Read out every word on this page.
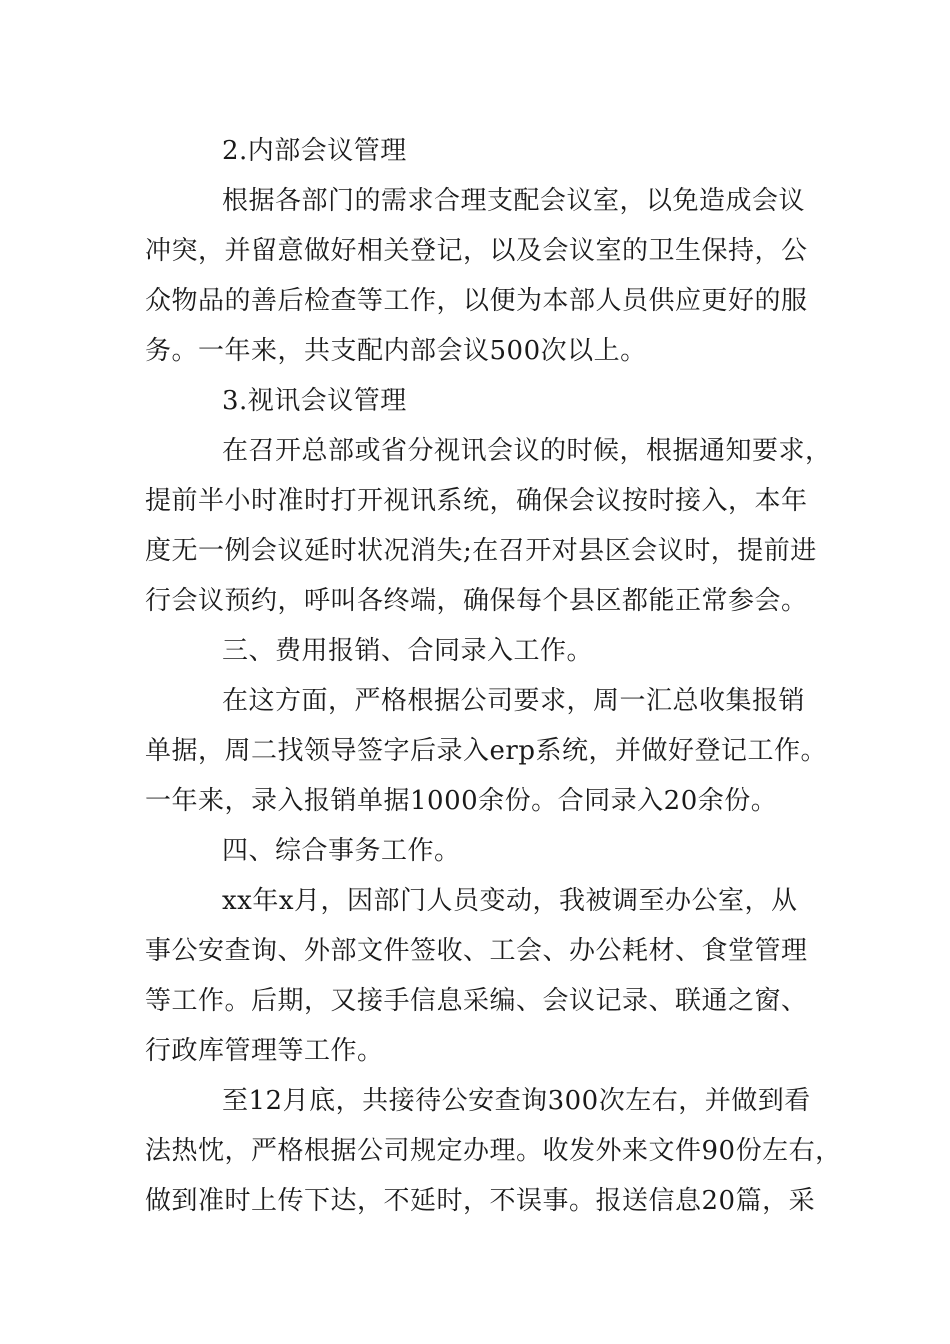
2.内部会议管理
根据各部门的需求合理支配会议室，以免造成会议
冲突，并留意做好相关登记，以及会议室的卫生保持，公
众物品的善后检查等工作，以便为本部人员供应更好的服
务。一年来，共支配内部会议500次以上。
3.视讯会议管理
在召开总部或省分视讯会议的时候，根据通知要求，
提前半小时准时打开视讯系统，确保会议按时接入，本年
度无一例会议延时状况消失;在召开对县区会议时，提前进
行会议预约，呼叫各终端，确保每个县区都能正常参会。
三、费用报销、合同录入工作。
在这方面，严格根据公司要求，周一汇总收集报销
单据，周二找领导签字后录入erp系统，并做好登记工作。
一年来，录入报销单据1000余份。合同录入20余份。
四、综合事务工作。
xx年x月，因部门人员变动，我被调至办公室，从
事公安查询、外部文件签收、工会、办公耗材、食堂管理
等工作。后期，又接手信息采编、会议记录、联通之窗、
行政库管理等工作。
至12月底，共接待公安查询300次左右，并做到看
法热忱，严格根据公司规定办理。收发外来文件90份左右，
做到准时上传下达，不延时，不误事。报送信息20篇，采
